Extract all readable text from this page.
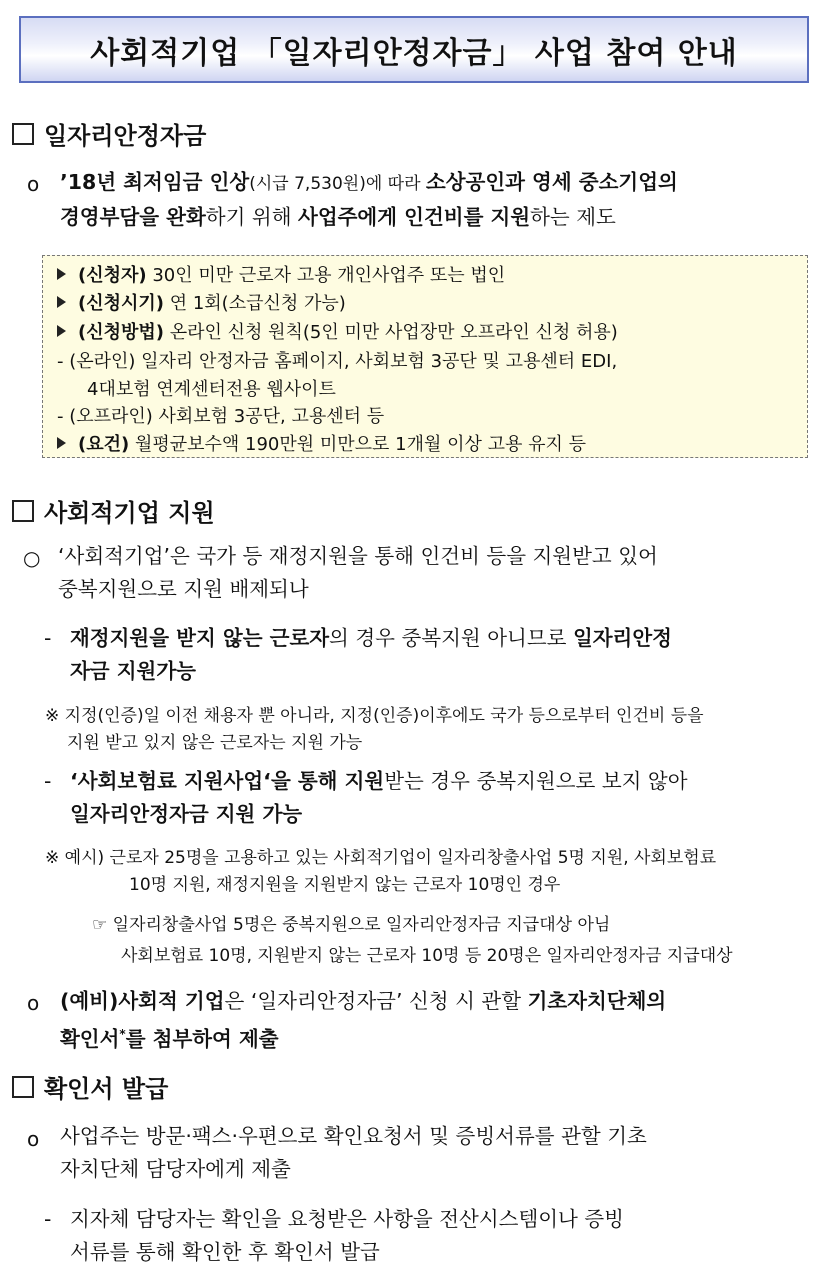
사회적기업 「일자리안정자금」 사업 참여 안내
일자리안정자금
o ’18년 최저임금 인상(시급 7,530원)에 따라 소상공인과 영세 중소기업의
경영부담을 완화하기 위해 사업주에게 인건비를 지원하는 제도
(신청자) 30인 미만 근로자 고용 개인사업주 또는 법인
(신청시기) 연 1회(소급신청 가능)
(신청방법) 온라인 신청 원칙(5인 미만 사업장만 오프라인 신청 허용)
- (온라인) 일자리 안정자금 홈페이지, 사회보험 3공단 및 고용센터 EDI,
4대보험 연계센터전용 웹사이트
- (오프라인) 사회보험 3공단, 고용센터 등
(요건) 월평균보수액 190만원 미만으로 1개월 이상 고용 유지 등
사회적기업 지원
○ ‘사회적기업’은 국가 등 재정지원을 통해 인건비 등을 지원받고 있어
중복지원으로 지원 배제되나
- 재정지원을 받지 않는 근로자의 경우 중복지원 아니므로 일자리안정
자금 지원가능
※ 지정(인증)일 이전 채용자 뿐 아니라, 지정(인증)이후에도 국가 등으로부터 인건비 등을
지원 받고 있지 않은 근로자는 지원 가능
- ‘사회보험료 지원사업‘을 통해 지원받는 경우 중복지원으로 보지 않아
일자리안정자금 지원 가능
※ 예시) 근로자 25명을 고용하고 있는 사회적기업이 일자리창출사업 5명 지원, 사회보험료
10명 지원, 재정지원을 지원받지 않는 근로자 10명인 경우
☞ 일자리창출사업 5명은 중복지원으로 일자리안정자금 지급대상 아님
사회보험료 10명, 지원받지 않는 근로자 10명 등 20명은 일자리안정자금 지급대상
o (예비)사회적 기업은 ‘일자리안정자금’ 신청 시 관할 기초자치단체의
확인서*를 첨부하여 제출
확인서 발급
o 사업주는 방문·팩스·우편으로 확인요청서 및 증빙서류를 관할 기초
자치단체 담당자에게 제출
- 지자체 담당자는 확인을 요청받은 사항을 전산시스템이나 증빙
서류를 통해 확인한 후 확인서 발급
